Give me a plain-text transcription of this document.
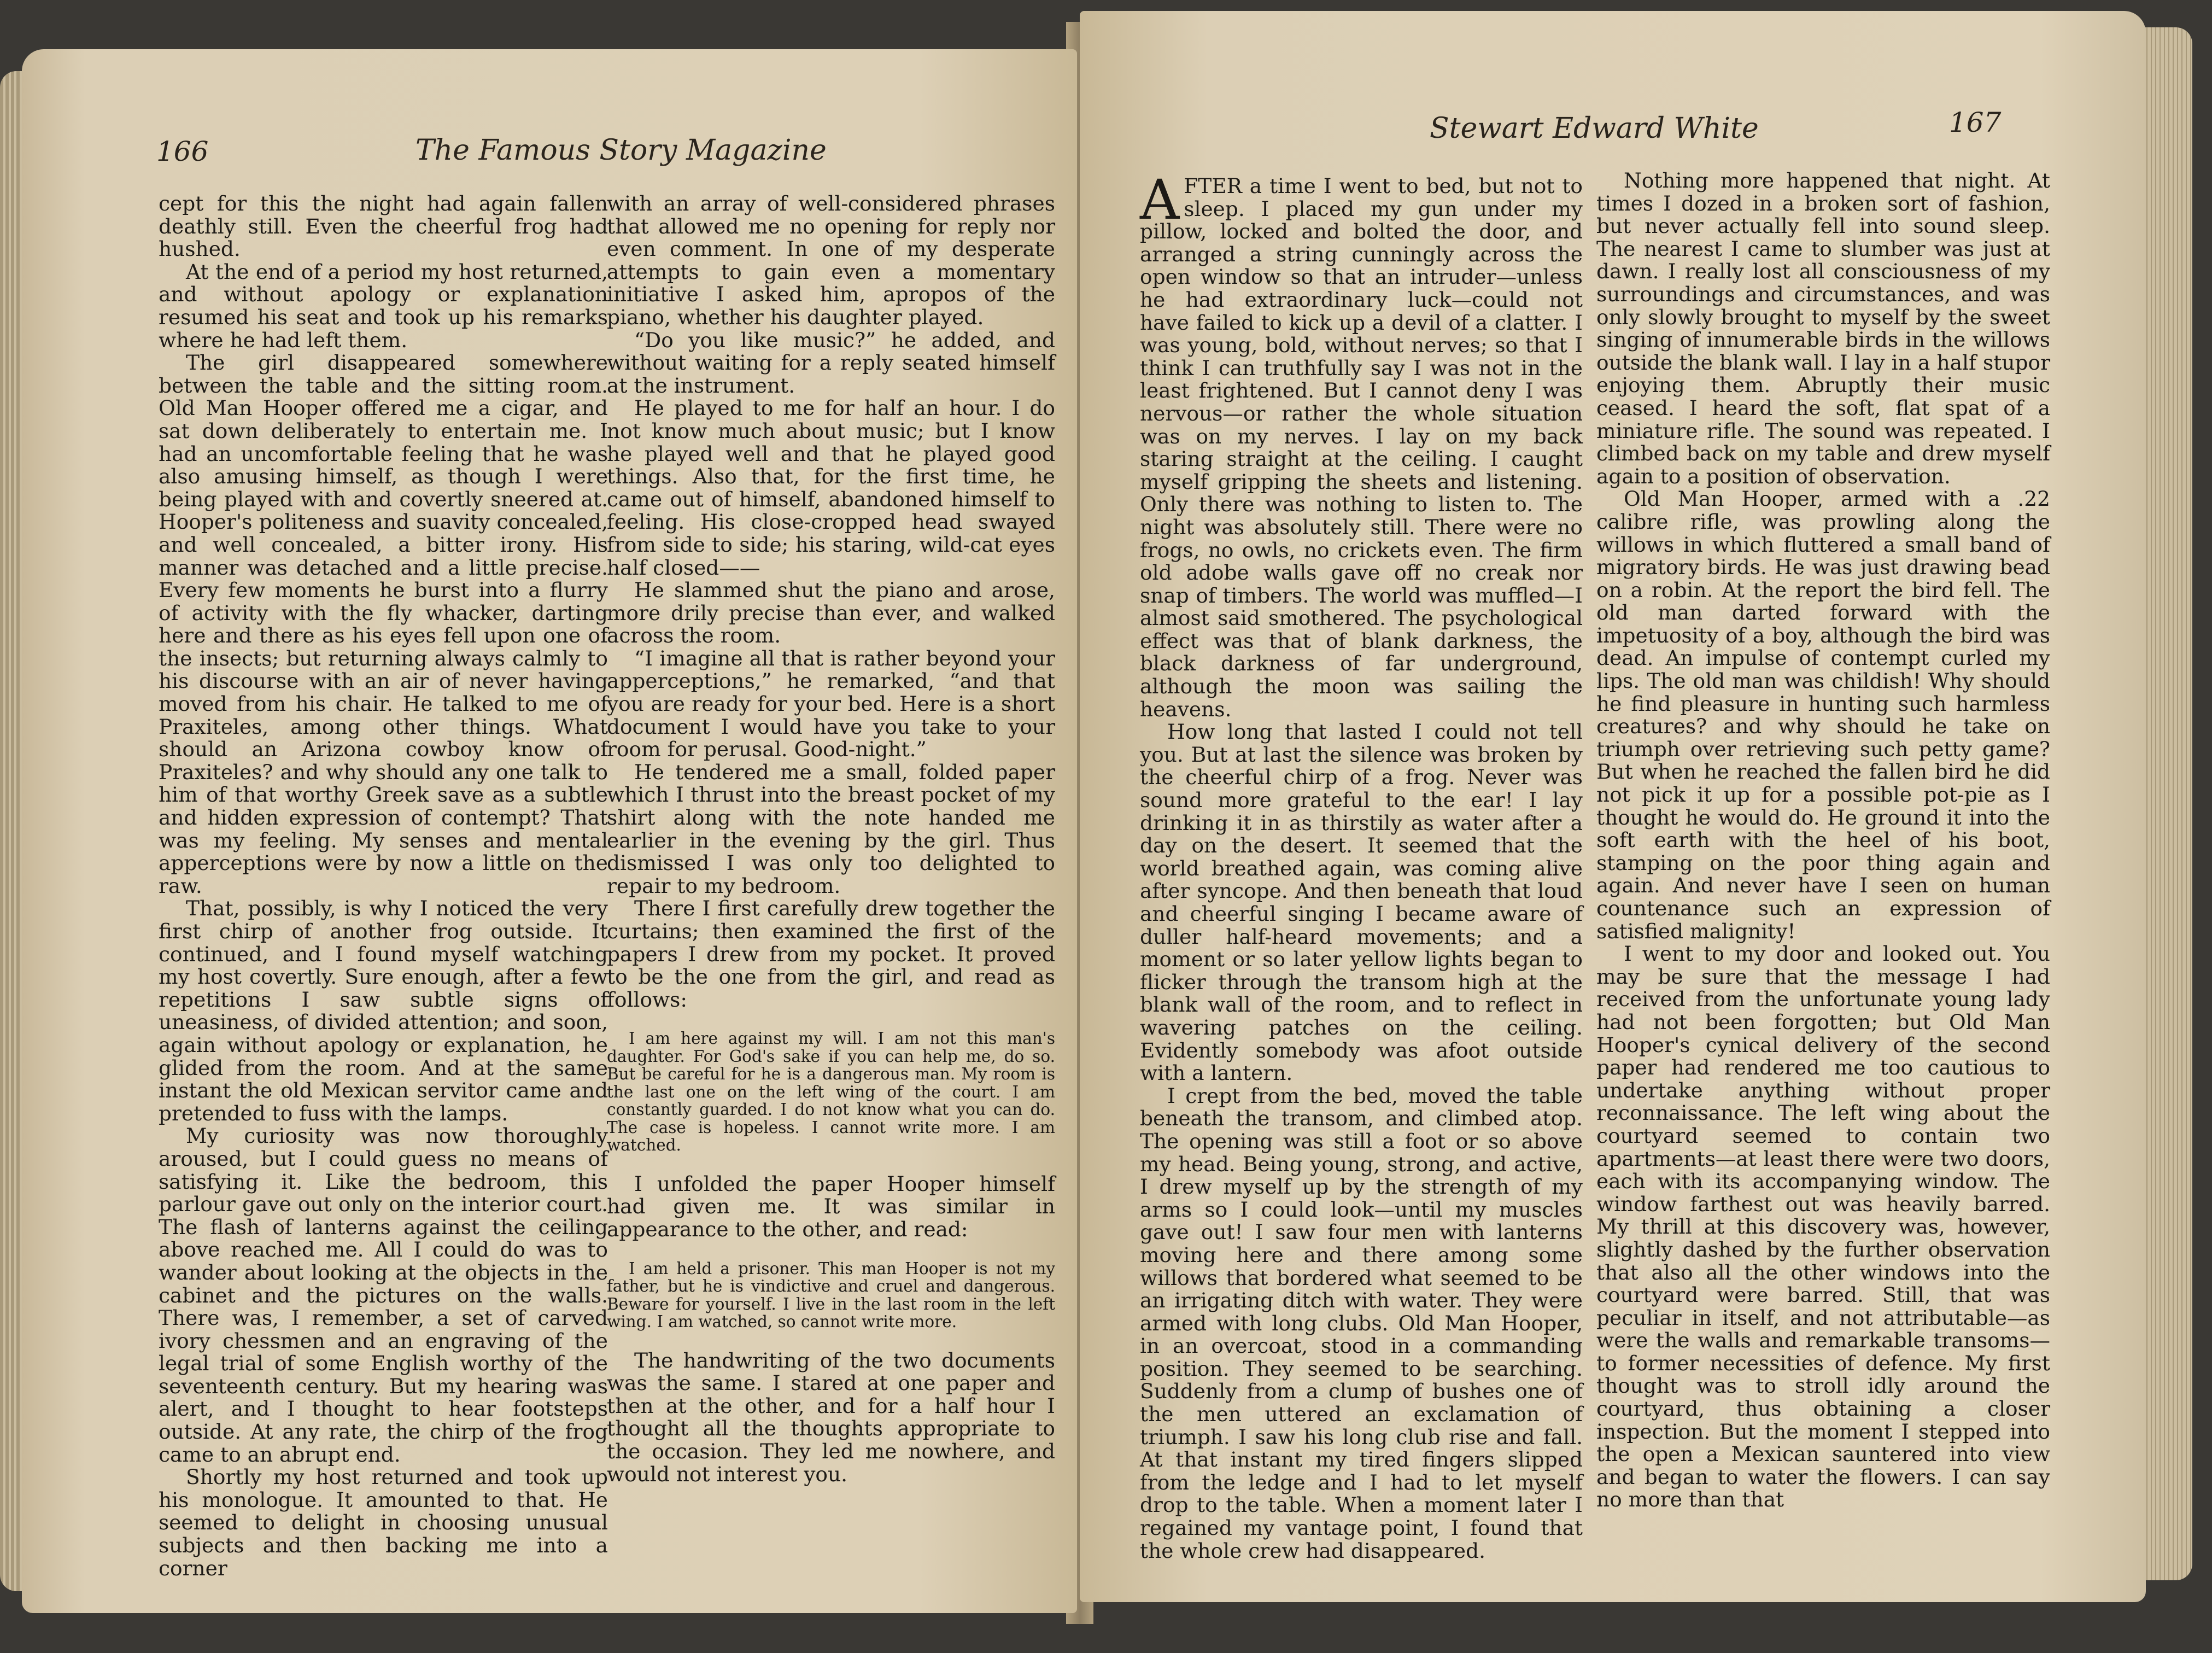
166	The Famous Story Magazine

cept for this the night had again fallen deathly still. Even the cheerful frog had hushed.

At the end of a period my host returned, and without apology or explanation resumed his seat and took up his remarks where he had left them.

The girl disappeared somewhere between the table and the sitting room. Old Man Hooper offered me a cigar, and sat down deliberately to entertain me. I had an uncomfortable feeling that he was also amusing himself, as though I were being played with and covertly sneered at. Hooper's politeness and suavity concealed, and well concealed, a bitter irony. His manner was detached and a little precise. Every few moments he burst into a flurry of activity with the fly whacker, darting here and there as his eyes fell upon one of the insects; but returning always calmly to his discourse with an air of never having moved from his chair. He talked to me of Praxiteles, among other things. What should an Arizona cowboy know of Praxiteles? and why should any one talk to him of that worthy Greek save as a subtle and hidden expression of contempt? That was my feeling. My senses and mental apperceptions were by now a little on the raw.

That, possibly, is why I noticed the very first chirp of another frog outside. It continued, and I found myself watching my host covertly. Sure enough, after a few repetitions I saw subtle signs of uneasiness, of divided attention; and soon, again without apology or explanation, he glided from the room. And at the same instant the old Mexican servitor came and pretended to fuss with the lamps.

My curiosity was now thoroughly aroused, but I could guess no means of satisfying it. Like the bedroom, this parlour gave out only on the interior court. The flash of lanterns against the ceiling above reached me. All I could do was to wander about looking at the objects in the cabinet and the pictures on the walls. There was, I remember, a set of carved ivory chessmen and an engraving of the legal trial of some English worthy of the seventeenth century. But my hearing was alert, and I thought to hear footsteps outside. At any rate, the chirp of the frog came to an abrupt end.

Shortly my host returned and took up his monologue. It amounted to that. He seemed to delight in choosing unusual subjects and then backing me into a corner

with an array of well-considered phrases that allowed me no opening for reply nor even comment. In one of my desperate attempts to gain even a momentary initiative I asked him, apropos of the piano, whether his daughter played.

“Do you like music?” he added, and without waiting for a reply seated himself at the instrument.

He played to me for half an hour. I do not know much about music; but I know he played well and that he played good things. Also that, for the first time, he came out of himself, abandoned himself to feeling. His close-cropped head swayed from side to side; his staring, wild-cat eyes half closed——

He slammed shut the piano and arose, more drily precise than ever, and walked across the room.

“I imagine all that is rather beyond your apperceptions,” he remarked, “and that you are ready for your bed. Here is a short document I would have you take to your room for perusal. Good-night.”

He tendered me a small, folded paper which I thrust into the breast pocket of my shirt along with the note handed me earlier in the evening by the girl. Thus dismissed I was only too delighted to repair to my bedroom.

There I first carefully drew together the curtains; then examined the first of the papers I drew from my pocket. It proved to be the one from the girl, and read as follows:

I am here against my will. I am not this man's daughter. For God's sake if you can help me, do so. But be careful for he is a dangerous man. My room is the last one on the left wing of the court. I am constantly guarded. I do not know what you can do. The case is hopeless. I cannot write more. I am watched.

I unfolded the paper Hooper himself had given me. It was similar in appearance to the other, and read:

I am held a prisoner. This man Hooper is not my father, but he is vindictive and cruel and dangerous. Beware for yourself. I live in the last room in the left wing. I am watched, so cannot write more.

The handwriting of the two documents was the same. I stared at one paper and then at the other, and for a half hour I thought all the thoughts appropriate to the occasion. They led me nowhere, and would not interest you.

Stewart Edward White	167

AFTER a time I went to bed, but not to sleep. I placed my gun under my pillow, locked and bolted the door, and arranged a string cunningly across the open window so that an intruder—unless he had extraordinary luck—could not have failed to kick up a devil of a clatter. I was young, bold, without nerves; so that I think I can truthfully say I was not in the least frightened. But I cannot deny I was nervous—or rather the whole situation was on my nerves. I lay on my back staring straight at the ceiling. I caught myself gripping the sheets and listening. Only there was nothing to listen to. The night was absolutely still. There were no frogs, no owls, no crickets even. The firm old adobe walls gave off no creak nor snap of timbers. The world was muffled—I almost said smothered. The psychological effect was that of blank darkness, the black darkness of far underground, although the moon was sailing the heavens.

How long that lasted I could not tell you. But at last the silence was broken by the cheerful chirp of a frog. Never was sound more grateful to the ear! I lay drinking it in as thirstily as water after a day on the desert. It seemed that the world breathed again, was coming alive after syncope. And then beneath that loud and cheerful singing I became aware of duller half-heard movements; and a moment or so later yellow lights began to flicker through the transom high at the blank wall of the room, and to reflect in wavering patches on the ceiling. Evidently somebody was afoot outside with a lantern.

I crept from the bed, moved the table beneath the transom, and climbed atop. The opening was still a foot or so above my head. Being young, strong, and active, I drew myself up by the strength of my arms so I could look—until my muscles gave out! I saw four men with lanterns moving here and there among some willows that bordered what seemed to be an irrigating ditch with water. They were armed with long clubs. Old Man Hooper, in an overcoat, stood in a commanding position. They seemed to be searching. Suddenly from a clump of bushes one of the men uttered an exclamation of triumph. I saw his long club rise and fall. At that instant my tired fingers slipped from the ledge and I had to let myself drop to the table. When a moment later I regained my vantage point, I found that the whole crew had disappeared.

Nothing more happened that night. At times I dozed in a broken sort of fashion, but never actually fell into sound sleep. The nearest I came to slumber was just at dawn. I really lost all consciousness of my surroundings and circumstances, and was only slowly brought to myself by the sweet singing of innumerable birds in the willows outside the blank wall. I lay in a half stupor enjoying them. Abruptly their music ceased. I heard the soft, flat spat of a miniature rifle. The sound was repeated. I climbed back on my table and drew myself again to a position of observation.

Old Man Hooper, armed with a .22 calibre rifle, was prowling along the willows in which fluttered a small band of migratory birds. He was just drawing bead on a robin. At the report the bird fell. The old man darted forward with the impetuosity of a boy, although the bird was dead. An impulse of contempt curled my lips. The old man was childish! Why should he find pleasure in hunting such harmless creatures? and why should he take on triumph over retrieving such petty game? But when he reached the fallen bird he did not pick it up for a possible pot-pie as I thought he would do. He ground it into the soft earth with the heel of his boot, stamping on the poor thing again and again. And never have I seen on human countenance such an expression of satisfied malignity!

I went to my door and looked out. You may be sure that the message I had received from the unfortunate young lady had not been forgotten; but Old Man Hooper's cynical delivery of the second paper had rendered me too cautious to undertake anything without proper reconnaissance. The left wing about the courtyard seemed to contain two apartments—at least there were two doors, each with its accompanying window. The window farthest out was heavily barred. My thrill at this discovery was, however, slightly dashed by the further observation that also all the other windows into the courtyard were barred. Still, that was peculiar in itself, and not attributable—as were the walls and remarkable transoms—to former necessities of defence. My first thought was to stroll idly around the courtyard, thus obtaining a closer inspection. But the moment I stepped into the open a Mexican sauntered into view and began to water the flowers. I can say no more than that
